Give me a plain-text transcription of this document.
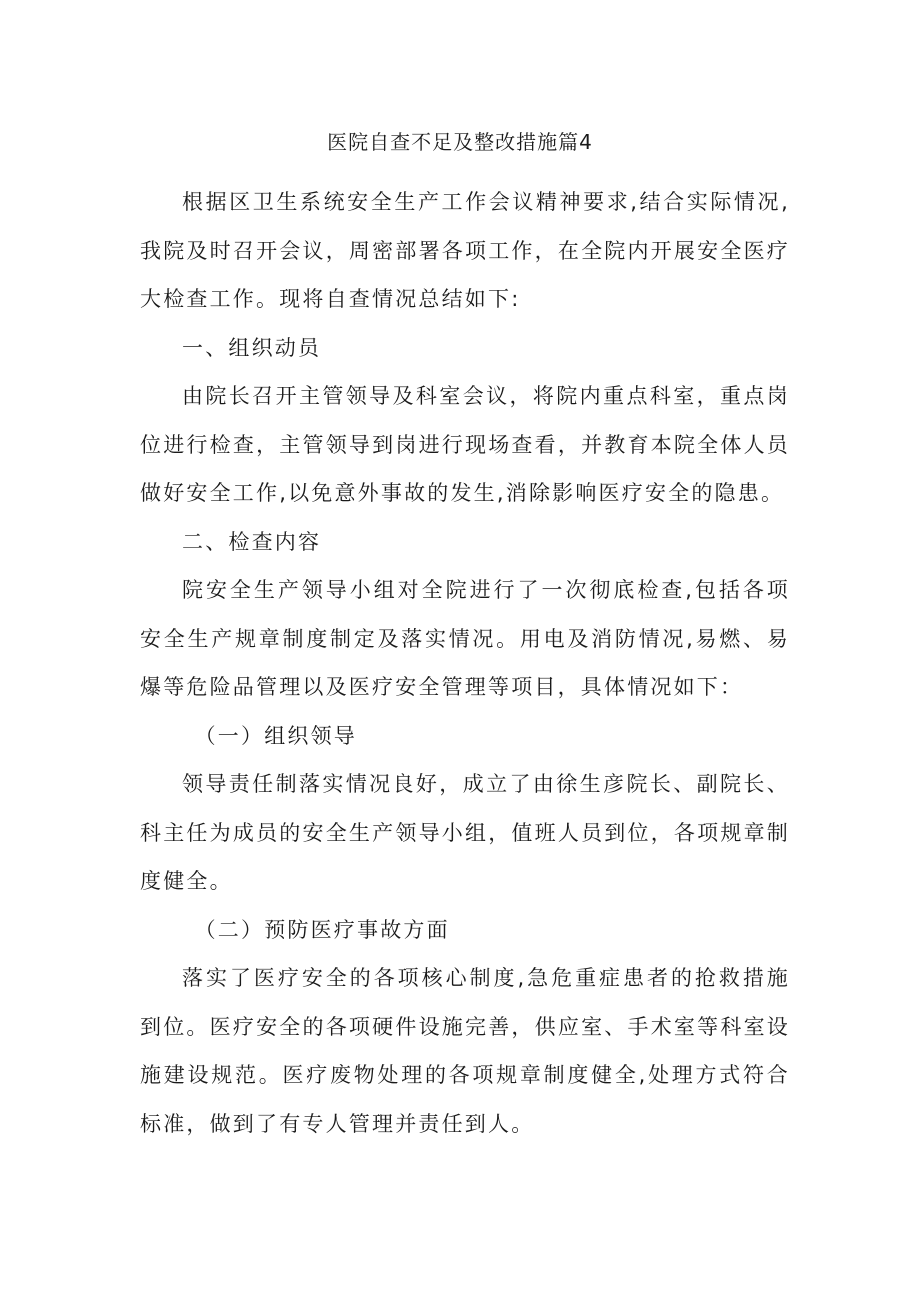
医院自查不足及整改措施篇4

根据区卫生系统安全生产工作会议精神要求,结合实际情况,我院及时召开会议，周密部署各项工作，在全院内开展安全医疗大检查工作。现将自查情况总结如下:

一、组织动员

由院长召开主管领导及科室会议，将院内重点科室，重点岗位进行检查，主管领导到岗进行现场查看，并教育本院全体人员做好安全工作,以免意外事故的发生,消除影响医疗安全的隐患。

二、检查内容

院安全生产领导小组对全院进行了一次彻底检查,包括各项安全生产规章制度制定及落实情况。用电及消防情况,易燃、易爆等危险品管理以及医疗安全管理等项目，具体情况如下：

（一）组织领导

领导责任制落实情况良好，成立了由徐生彦院长、副院长、科主任为成员的安全生产领导小组，值班人员到位，各项规章制度健全。

（二）预防医疗事故方面

落实了医疗安全的各项核心制度,急危重症患者的抢救措施到位。医疗安全的各项硬件设施完善，供应室、手术室等科室设施建设规范。医疗废物处理的各项规章制度健全,处理方式符合标准，做到了有专人管理并责任到人。
